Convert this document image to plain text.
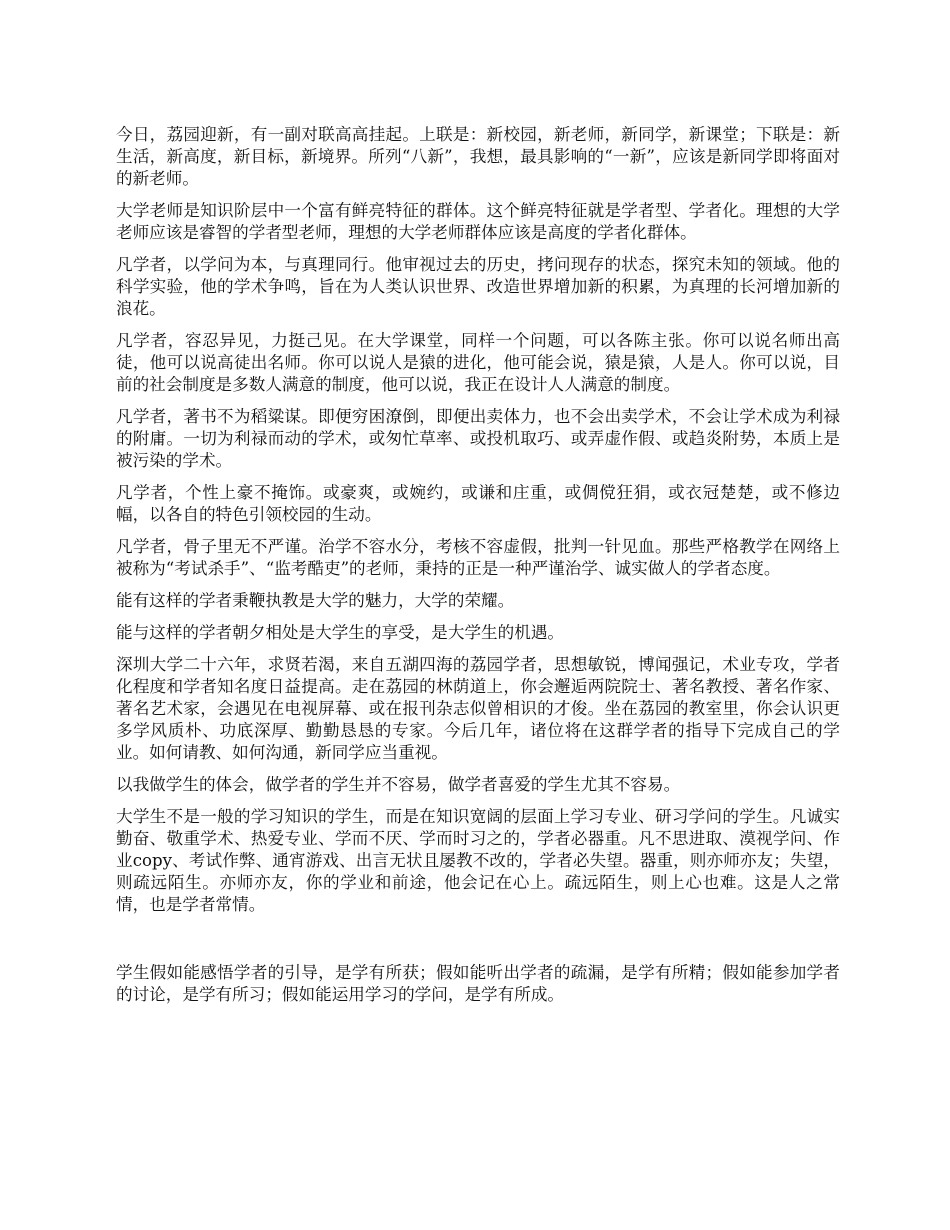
今日，荔园迎新，有一副对联高高挂起。上联是：新校园，新老师，新同学，新课堂；下联是：新生活，新高度，新目标，新境界。所列“八新”，我想，最具影响的“一新”，应该是新同学即将面对的新老师。

大学老师是知识阶层中一个富有鲜亮特征的群体。这个鲜亮特征就是学者型、学者化。理想的大学老师应该是睿智的学者型老师，理想的大学老师群体应该是高度的学者化群体。

凡学者，以学问为本，与真理同行。他审视过去的历史，拷问现存的状态，探究未知的领域。他的科学实验，他的学术争鸣，旨在为人类认识世界、改造世界增加新的积累，为真理的长河增加新的浪花。

凡学者，容忍异见，力挺己见。在大学课堂，同样一个问题，可以各陈主张。你可以说名师出高徒，他可以说高徒出名师。你可以说人是猿的进化，他可能会说，猿是猿，人是人。你可以说，目前的社会制度是多数人满意的制度，他可以说，我正在设计人人满意的制度。

凡学者，著书不为稻粱谋。即便穷困潦倒，即便出卖体力，也不会出卖学术，不会让学术成为利禄的附庸。一切为利禄而动的学术，或匆忙草率、或投机取巧、或弄虚作假、或趋炎附势，本质上是被污染的学术。

凡学者，个性上豪不掩饰。或豪爽，或婉约，或谦和庄重，或倜傥狂狷，或衣冠楚楚，或不修边幅，以各自的特色引领校园的生动。

凡学者，骨子里无不严谨。治学不容水分，考核不容虚假，批判一针见血。那些严格教学在网络上被称为“考试杀手”、“监考酷吏”的老师，秉持的正是一种严谨治学、诚实做人的学者态度。

能有这样的学者秉鞭执教是大学的魅力，大学的荣耀。

能与这样的学者朝夕相处是大学生的享受，是大学生的机遇。

深圳大学二十六年，求贤若渴，来自五湖四海的荔园学者，思想敏锐，博闻强记，术业专攻，学者化程度和学者知名度日益提高。走在荔园的林荫道上，你会邂逅两院院士、著名教授、著名作家、著名艺术家，会遇见在电视屏幕、或在报刊杂志似曾相识的才俊。坐在荔园的教室里，你会认识更多学风质朴、功底深厚、勤勤恳恳的专家。今后几年，诸位将在这群学者的指导下完成自己的学业。如何请教、如何沟通，新同学应当重视。

以我做学生的体会，做学者的学生并不容易，做学者喜爱的学生尤其不容易。

大学生不是一般的学习知识的学生，而是在知识宽阔的层面上学习专业、研习学问的学生。凡诚实勤奋、敬重学术、热爱专业、学而不厌、学而时习之的，学者必器重。凡不思进取、漠视学问、作业copy、考试作弊、通宵游戏、出言无状且屡教不改的，学者必失望。器重，则亦师亦友；失望，则疏远陌生。亦师亦友，你的学业和前途，他会记在心上。疏远陌生，则上心也难。这是人之常情，也是学者常情。

学生假如能感悟学者的引导，是学有所获；假如能听出学者的疏漏，是学有所精；假如能参加学者的讨论，是学有所习；假如能运用学习的学问，是学有所成。
